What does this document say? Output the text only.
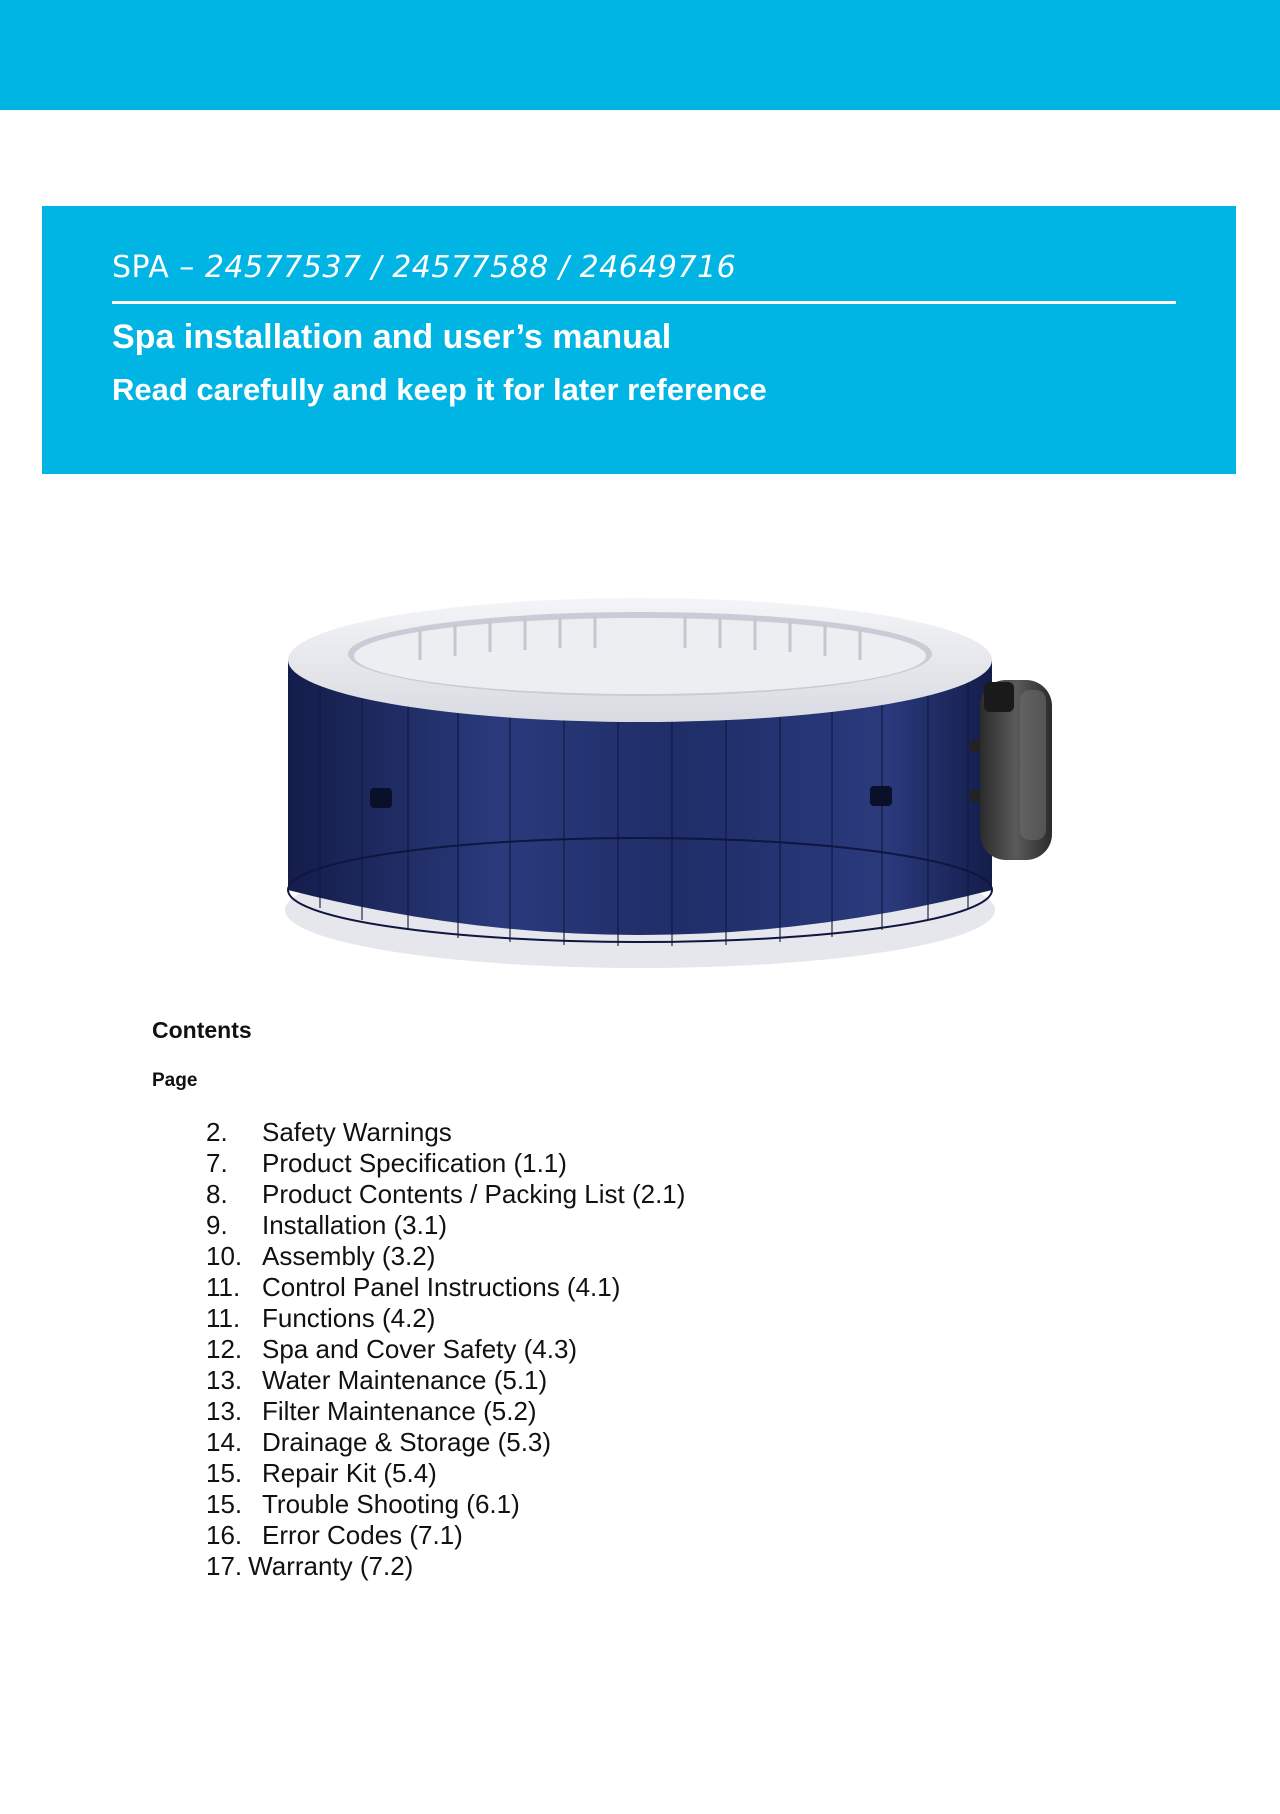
SPA – 24577537 / 24577588 / 24649716
Spa installation and user’s manual
Read carefully and keep it for later reference
Contents
Page
2.	Safety Warnings
7.	Product Specification (1.1)
8.	Product Contents / Packing List (2.1)
9.	Installation (3.1)
10. Assembly (3.2)
11. Control Panel Instructions (4.1)
11. Functions (4.2)
12. Spa and Cover Safety (4.3)
13. Water Maintenance (5.1)
13. Filter Maintenance (5.2)
14. Drainage & Storage (5.3)
15. Repair Kit (5.4)
15. Trouble Shooting (6.1)
16. Error Codes (7.1)
17. Warranty (7.2)
